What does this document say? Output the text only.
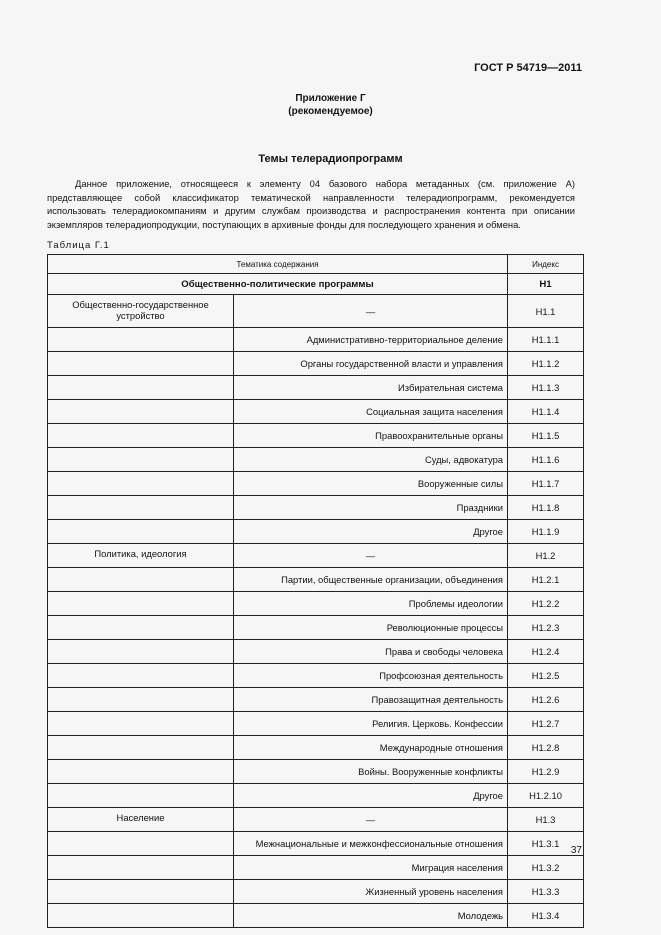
ГОСТ Р 54719—2011
Приложение Г
(рекомендуемое)
Темы телерадиопрограмм

Данное приложение, относящееся к элементу 04 базового набора метаданных (см. приложение А) представляющее собой классификатор тематической направленности телерадиопрограмм, рекомендуется использовать телерадиокомпаниям и другим службам производства и распространения контента при описании экземпляров телерадиопродукции, поступающих в архивные фонды для последующего хранения и обмена.

Таблица Г.1
Тематика содержания		Индекс
Общественно-политические программы		Н1
Общественно-государственное устройство	—	Н1.1
	Административно-территориальное деление	Н1.1.1
	Органы государственной власти и управления	Н1.1.2
	Избирательная система	Н1.1.3
	Социальная защита населения	Н1.1.4
	Правоохранительные органы	Н1.1.5
	Суды, адвокатура	Н1.1.6
	Вооруженные силы	Н1.1.7
	Праздники	Н1.1.8
	Другое	Н1.1.9
Политика, идеология	—	Н1.2
	Партии, общественные организации, объединения	Н1.2.1
	Проблемы идеологии	Н1.2.2
	Революционные процессы	Н1.2.3
	Права и свободы человека	Н1.2.4
	Профсоюзная деятельность	Н1.2.5
	Правозащитная деятельность	Н1.2.6
	Религия. Церковь. Конфессии	Н1.2.7
	Международные отношения	Н1.2.8
	Войны. Вооруженные конфликты	Н1.2.9
	Другое	Н1.2.10
Население	—	Н1.3
	Межнациональные и межконфессиональные отношения	Н1.3.1
	Миграция населения	Н1.3.2
	Жизненный уровень населения	Н1.3.3
	Молодежь	Н1.3.4
37
